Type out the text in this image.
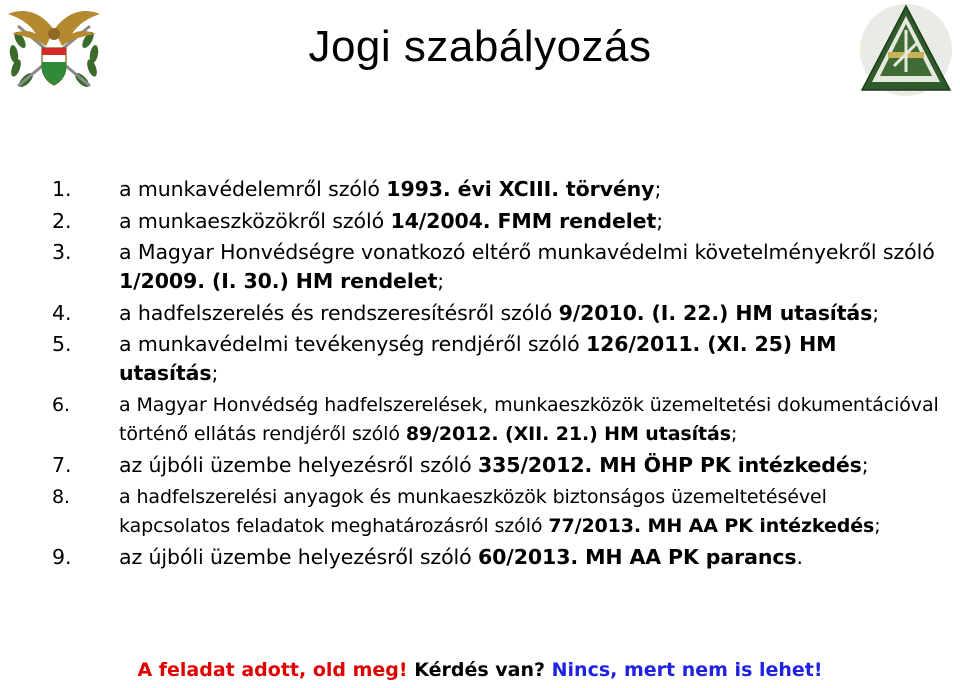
Jogi szabályozás
1. a munkavédelemről szóló 1993. évi XCIII. törvény;
2. a munkaeszközökről szóló 14/2004. FMM rendelet;
3. a Magyar Honvédségre vonatkozó eltérő munkavédelmi követelményekről szóló 1/2009. (I. 30.) HM rendelet;
4. a hadfelszerelés és rendszeresítésről szóló 9/2010. (I. 22.) HM utasítás;
5. a munkavédelmi tevékenység rendjéről szóló 126/2011. (XI. 25) HM utasítás;
6.	a Magyar Honvédség hadfelszerelések, munkaeszközök üzemeltetési dokumentációval történő ellátás rendjéről szóló 89/2012. (XII. 21.) HM utasítás;
7. az újbóli üzembe helyezésről szóló 335/2012. MH ÖHP PK intézkedés;
8.	a hadfelszerelési anyagok és munkaeszközök biztonságos üzemeltetésével kapcsolatos feladatok meghatározásról szóló 77/2013. MH AA PK intézkedés;
9. az újbóli üzembe helyezésről szóló 60/2013. MH AA PK parancs.
A feladat adott, old meg! Kérdés van? Nincs, mert nem is lehet!
